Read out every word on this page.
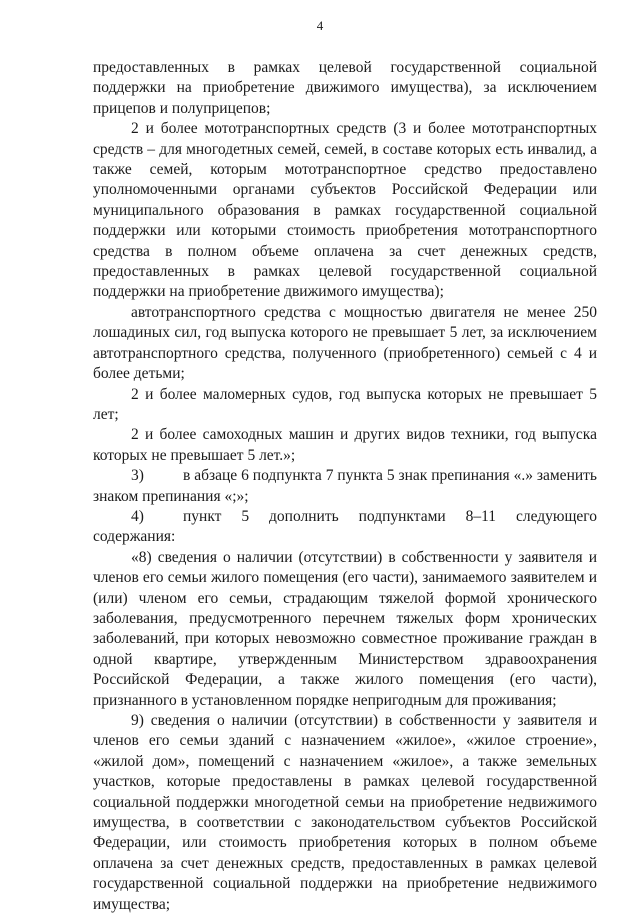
4

предоставленных в рамках целевой государственной социальной поддержки на приобретение движимого имущества), за исключением прицепов и полуприцепов;

2 и более мототранспортных средств (3 и более мототранспортных средств – для многодетных семей, семей, в составе которых есть инвалид, а также семей, которым мототранспортное средство предоставлено уполномоченными органами субъектов Российской Федерации или муниципального образования в рамках государственной социальной поддержки или которыми стоимость приобретения мототранспортного средства в полном объеме оплачена за счет денежных средств, предоставленных в рамках целевой государственной социальной поддержки на приобретение движимого имущества);

автотранспортного средства с мощностью двигателя не менее 250 лошадиных сил, год выпуска которого не превышает 5 лет, за исключением автотранспортного средства, полученного (приобретенного) семьей с 4 и более детьми;

2 и более маломерных судов, год выпуска которых не превышает 5 лет;

2 и более самоходных машин и других видов техники, год выпуска которых не превышает 5 лет.»;

3)	в абзаце 6 подпункта 7 пункта 5 знак препинания «.» заменить знаком препинания «;»;

4)	пункт 5 дополнить подпунктами 8–11 следующего содержания:

«8) сведения о наличии (отсутствии) в собственности у заявителя и членов его семьи жилого помещения (его части), занимаемого заявителем и (или) членом его семьи, страдающим тяжелой формой хронического заболевания, предусмотренного перечнем тяжелых форм хронических заболеваний, при которых невозможно совместное проживание граждан в одной квартире, утвержденным Министерством здравоохранения Российской Федерации, а также жилого помещения (его части), признанного в установленном порядке непригодным для проживания;

9) сведения о наличии (отсутствии) в собственности у заявителя и членов его семьи зданий с назначением «жилое», «жилое строение», «жилой дом», помещений с назначением «жилое», а также земельных участков, которые предоставлены в рамках целевой государственной социальной поддержки многодетной семьи на приобретение недвижимого имущества, в соответствии с законодательством субъектов Российской Федерации, или стоимость приобретения которых в полном объеме оплачена за счет денежных средств, предоставленных в рамках целевой государственной социальной поддержки на приобретение недвижимого имущества;
